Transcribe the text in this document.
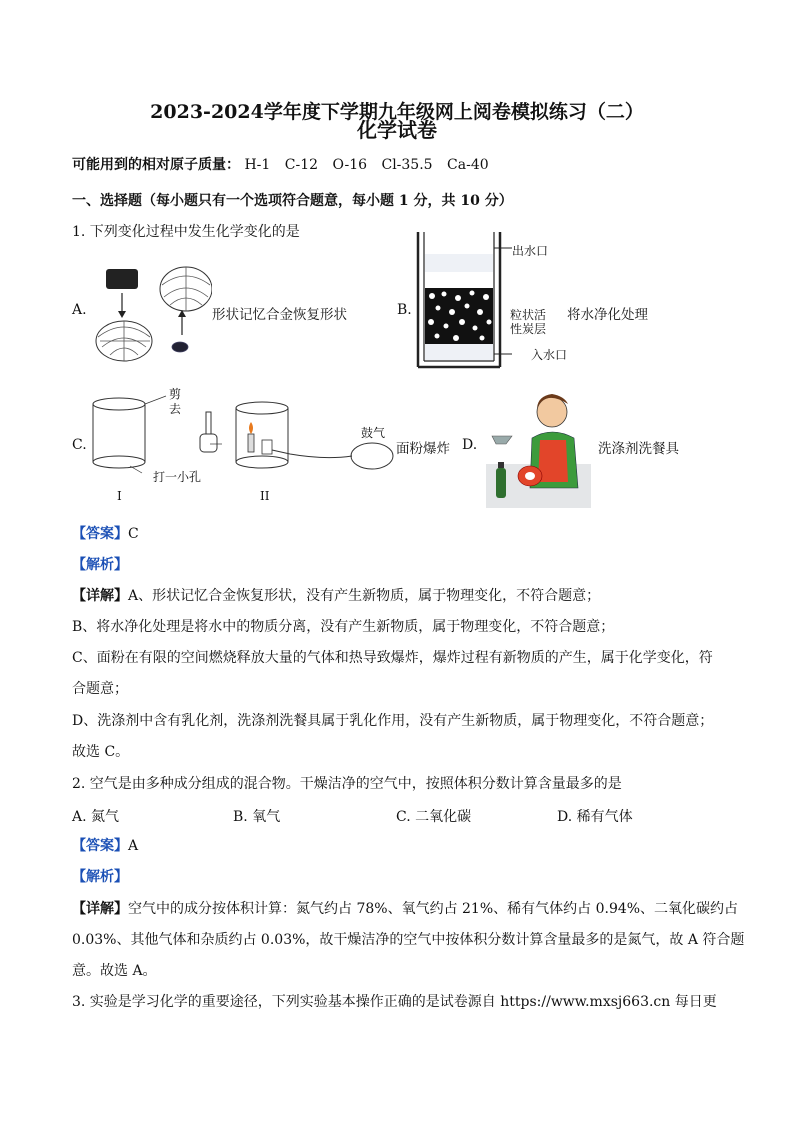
2023-2024学年度下学期九年级网上阅卷模拟练习（二）
化学试卷
可能用到的相对原子质量： H-1 C-12 O-16 Cl-35.5 Ca-40
一、选择题（每小题只有一个选项符合题意，每小题 1 分，共 10 分）
1. 下列变化过程中发生化学变化的是
A.	形状记忆合金恢复形状	B.
出水口
粒状活
性炭层
入水口
将水净化处理
C.
剪
去
打一小孔
I	II
鼓气
面粉爆炸 D.	洗涤剂洗餐具
【答案】C
【解析】
【详解】A、形状记忆合金恢复形状，没有产生新物质，属于物理变化，不符合题意；
B、将水净化处理是将水中的物质分离，没有产生新物质，属于物理变化，不符合题意；
C、面粉在有限的空间燃烧释放大量的气体和热导致爆炸，爆炸过程有新物质的产生，属于化学变化，符
合题意；
D、洗涤剂中含有乳化剂，洗涤剂洗餐具属于乳化作用，没有产生新物质，属于物理变化，不符合题意；
故选 C。
2. 空气是由多种成分组成的混合物。干燥洁净的空气中，按照体积分数计算含量最多的是
A. 氮气	B. 氧气	C. 二氧化碳	D. 稀有气体
【答案】A
【解析】
【详解】空气中的成分按体积计算：氮气约占 78%、氧气约占 21%、稀有气体约占 0.94%、二氧化碳约占
0.03%、其他气体和杂质约占 0.03%，故干燥洁净的空气中按体积分数计算含量最多的是氮气，故 A 符合题
意。故选 A。
3. 实验是学习化学的重要途径，下列实验基本操作正确的是试卷源自 https://www.mxsj663.cn 每日更
